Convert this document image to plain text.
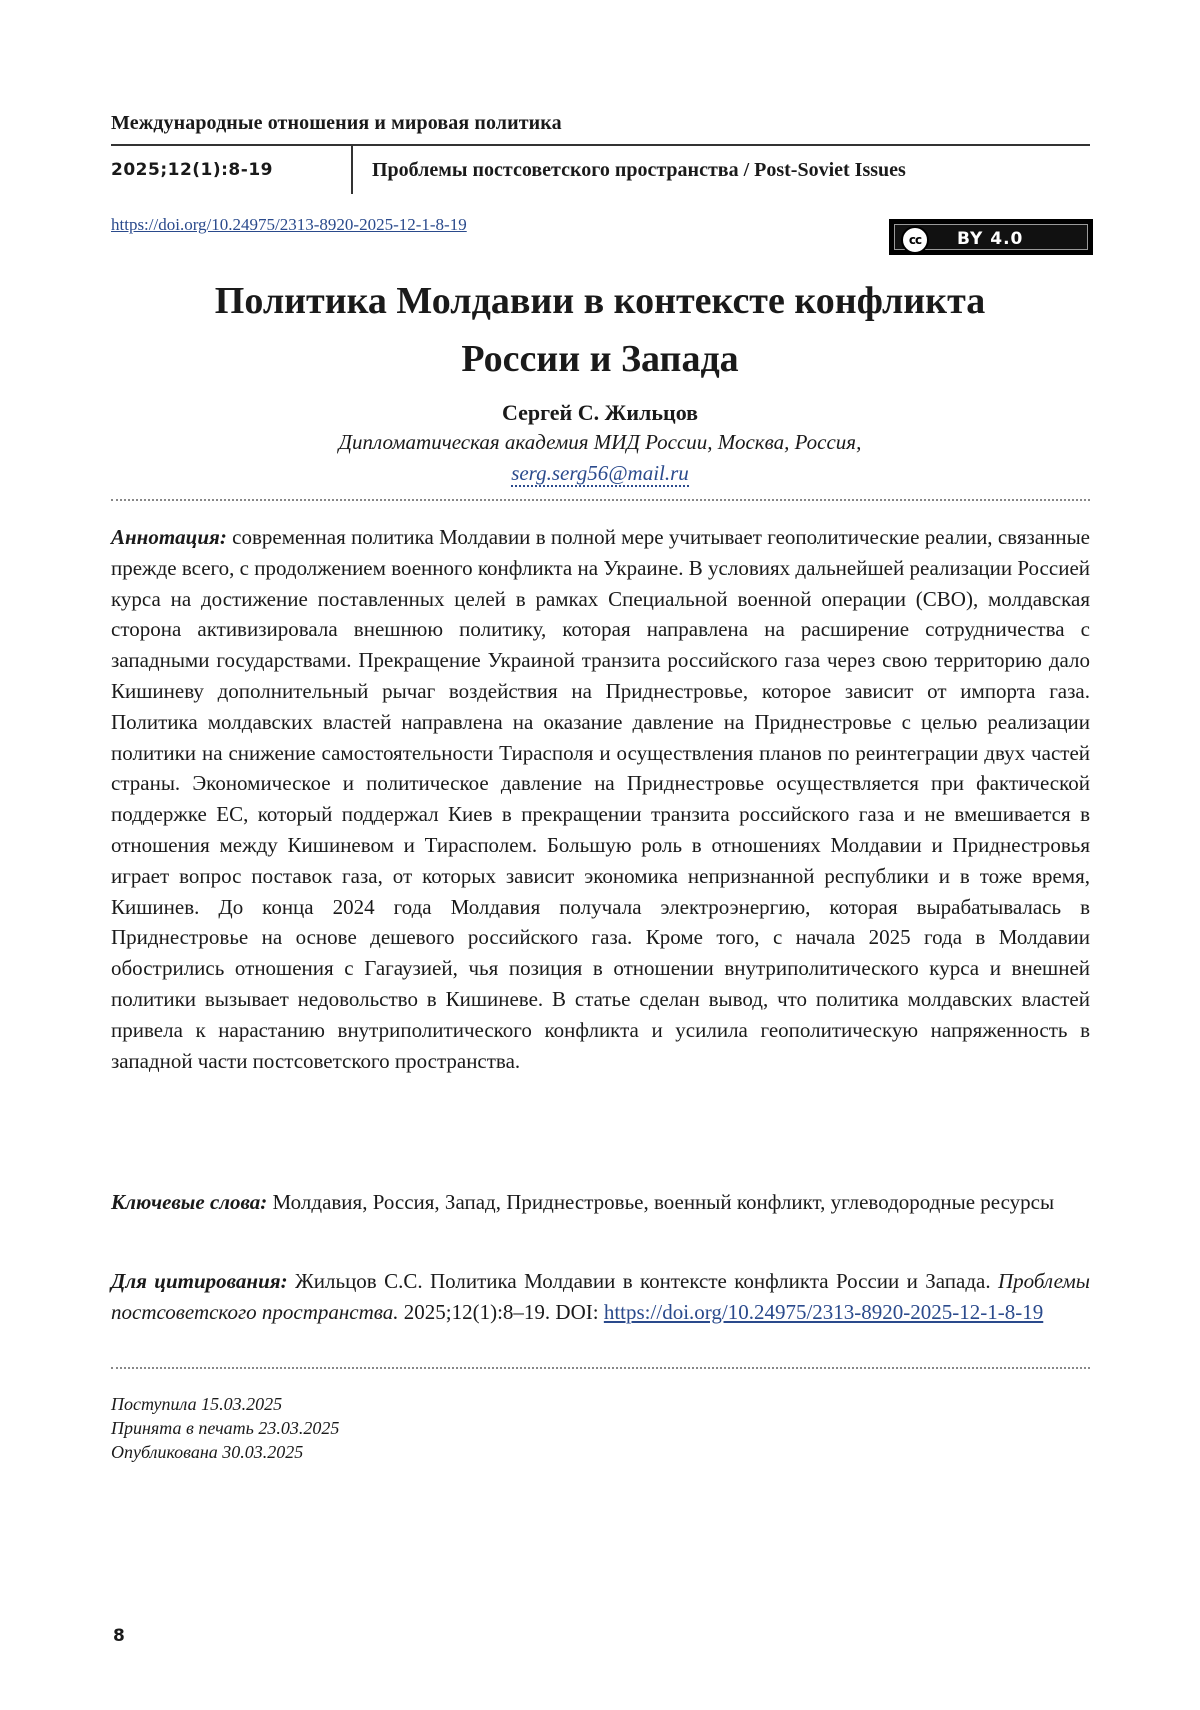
Международные отношения и мировая политика
2025;12(1):8-19	Проблемы постсоветского пространства / Post-Soviet Issues
https://doi.org/10.24975/2313-8920-2025-12-1-8-19
cc	BY 4.0
Политика Молдавии в контексте конфликта
России и Запада
Сергей С. Жильцов
Дипломатическая академия МИД России, Москва, Россия,
serg.serg56@mail.ru
Аннотация: современная политика Молдавии в полной мере учитывает геополитические реалии, связанные прежде всего, с продолжением военного конфликта на Украине. В условиях дальнейшей реализации Россией курса на достижение поставленных целей в рамках Специальной военной операции (СВО), молдавская сторона активизировала внешнюю политику, которая направлена на расширение сотрудничества с западными государствами. Прекращение Украиной транзита российского газа через свою территорию дало Кишиневу дополнительный рычаг воздействия на Приднестровье, которое зависит от импорта газа. Политика молдавских властей направлена на оказание давление на Приднестровье с целью реализации политики на снижение самостоятельности Тирасполя и осуществления планов по реинтеграции двух частей страны. Экономическое и политическое давление на Приднестровье осуществляется при фактической поддержке ЕС, который поддержал Киев в прекращении транзита российского газа и не вмешивается в отношения между Кишиневом и Тирасполем. Большую роль в отношениях Молдавии и Приднестровья играет вопрос поставок газа, от которых зависит экономика непризнанной республики и в тоже время, Кишинев. До конца 2024 года Молдавия получала электроэнергию, которая вырабатывалась в Приднестровье на основе дешевого российского газа. Кроме того, с начала 2025 года в Молдавии обострились отношения с Гагаузией, чья позиция в отношении внутриполитического курса и внешней политики вызывает недовольство в Кишиневе. В статье сделан вывод, что политика молдавских властей привела к нарастанию внутриполитического конфликта и усилила геополитическую напряженность в западной части постсоветского пространства.
Ключевые слова: Молдавия, Россия, Запад, Приднестровье, военный конфликт, углеводородные ресурсы
Для цитирования: Жильцов С.С. Политика Молдавии в контексте конфликта России и Запада. Проблемы постсоветского пространства. 2025;12(1):8–19. DOI: https://doi.org/10.24975/2313-8920-2025-12-1-8-19
Поступила 15.03.2025
Принята в печать 23.03.2025
Опубликована 30.03.2025
8
